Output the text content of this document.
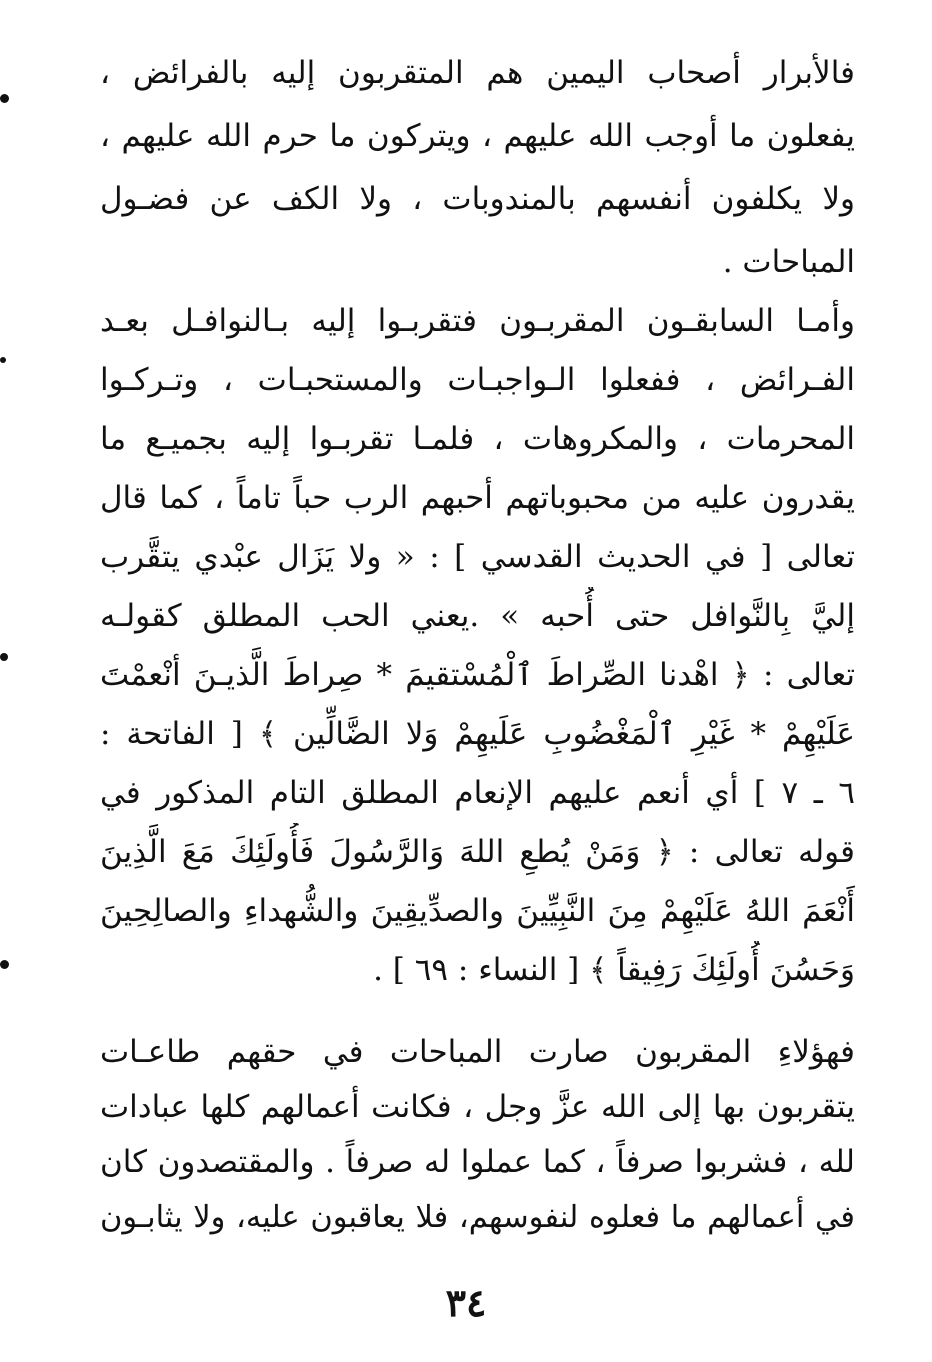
فالأبرار أصحاب اليمين هم المتقربون إليه بالفرائض ،
يفعلون ما أوجب الله عليهم ، ويتركون ما حرم الله عليهم ،
ولا يكلفون أنفسهم بالمندوبات ، ولا الكف عن فضـول
المباحات .
وأمـا السابقـون المقربـون فتقربـوا إليه بـالنوافـل بعـد
الفـرائض ، ففعلوا الـواجبـات والمستحبـات ، وتـركـوا
المحرمات ، والمكروهات ، فلمـا تقربـوا إليه بجميـع ما
يقدرون عليه من محبوباتهم أحبهم الرب حباً تاماً ، كما قال
تعالى [ في الحديث القدسي ] : « ولا يَزَال عبْدي يتقَّرب
إليَّ بِالنَّوافل حتى أُحبه » .يعني الحب المطلق كقولـه
تعالى : ﴿ اهْدنا الصِّراطَ ٱلْمُسْتقيمَ * صِراطَ الَّذيـنَ أنْعمْتَ
عَلَيْهِمْ * غَيْرِ ٱلْمَغْضُوبِ عَلَيهِمْ وَلا الضَّالِّين ﴾ [ الفاتحة :
٦ ـ ٧ ] أي أنعم عليهم الإنعام المطلق التام المذكور في
قوله تعالى : ﴿ وَمَنْ يُطعِ اللهَ وَالرَّسُولَ فَأُولَئِكَ مَعَ الَّذِينَ
أَنْعَمَ اللهُ عَلَيْهِمْ مِنَ النَّبِيِّينَ والصدِّيقِينَ والشُّهداءِ والصالِحِينَ
وَحَسُنَ أُولَئِكَ رَفِيقاً ﴾ [ النساء : ٦٩ ] .
فهؤلاءِ المقربون صارت المباحات في حقهم طاعـات
يتقربون بها إلى الله عزَّ وجل ، فكانت أعمالهم كلها عبادات
لله ، فشربوا صرفاً ، كما عملوا له صرفاً . والمقتصدون كان
في أعمالهم ما فعلوه لنفوسهم، فلا يعاقبون عليه، ولا يثابـون
٣٤
